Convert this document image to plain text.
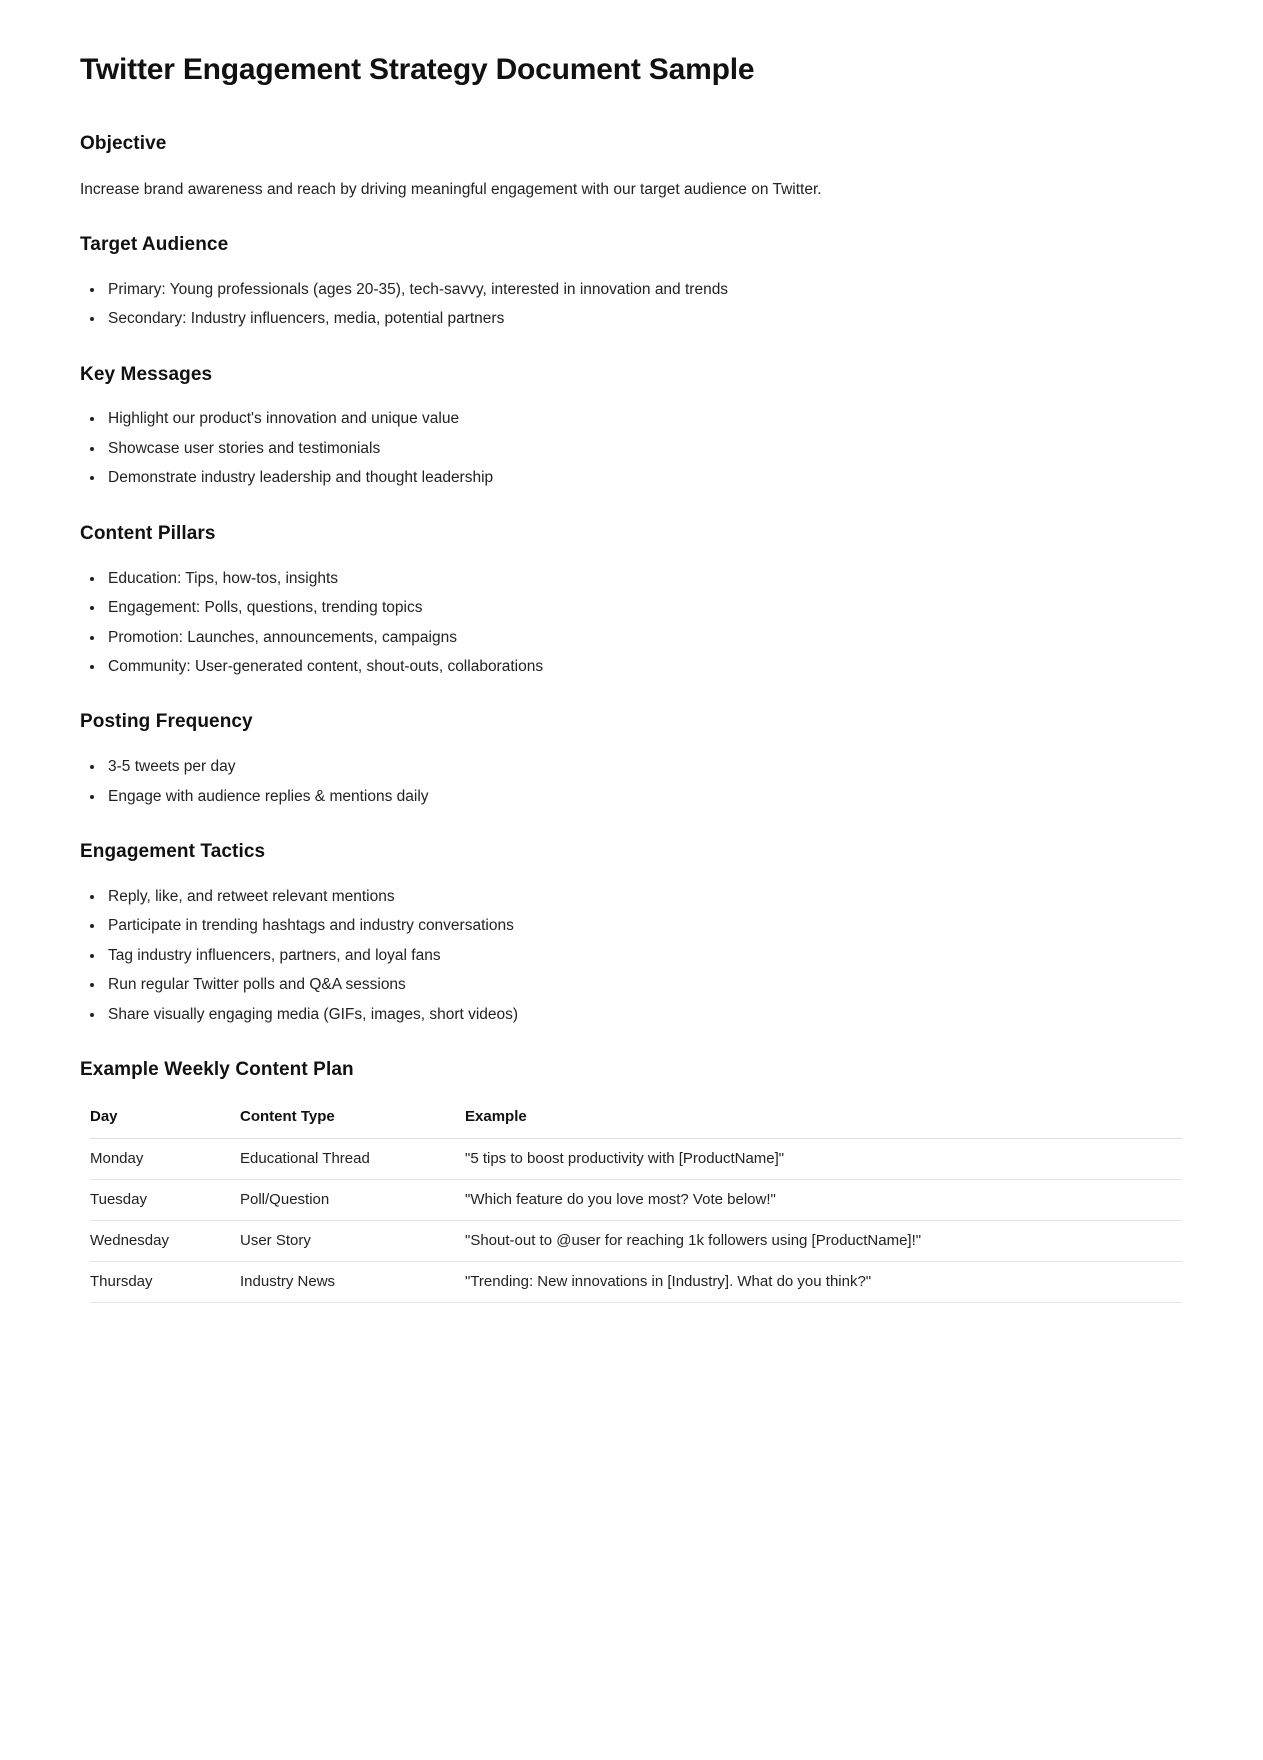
Twitter Engagement Strategy Document Sample
Objective

Increase brand awareness and reach by driving meaningful engagement with our target audience on Twitter.

Target Audience
Primary: Young professionals (ages 20-35), tech-savvy, interested in innovation and trends
Secondary: Industry influencers, media, potential partners
Key Messages
Highlight our product's innovation and unique value
Showcase user stories and testimonials
Demonstrate industry leadership and thought leadership
Content Pillars
Education: Tips, how-tos, insights
Engagement: Polls, questions, trending topics
Promotion: Launches, announcements, campaigns
Community: User-generated content, shout-outs, collaborations
Posting Frequency
3-5 tweets per day
Engage with audience replies & mentions daily
Engagement Tactics
Reply, like, and retweet relevant mentions
Participate in trending hashtags and industry conversations
Tag industry influencers, partners, and loyal fans
Run regular Twitter polls and Q&A sessions
Share visually engaging media (GIFs, images, short videos)
Example Weekly Content Plan
Day	Content Type	Example
Monday	Educational Thread	"5 tips to boost productivity with [ProductName]"
Tuesday	Poll/Question	"Which feature do you love most? Vote below!"
Wednesday	User Story	"Shout-out to @user for reaching 1k followers using [ProductName]!"
Thursday	Industry News	"Trending: New innovations in [Industry]. What do you think?"
